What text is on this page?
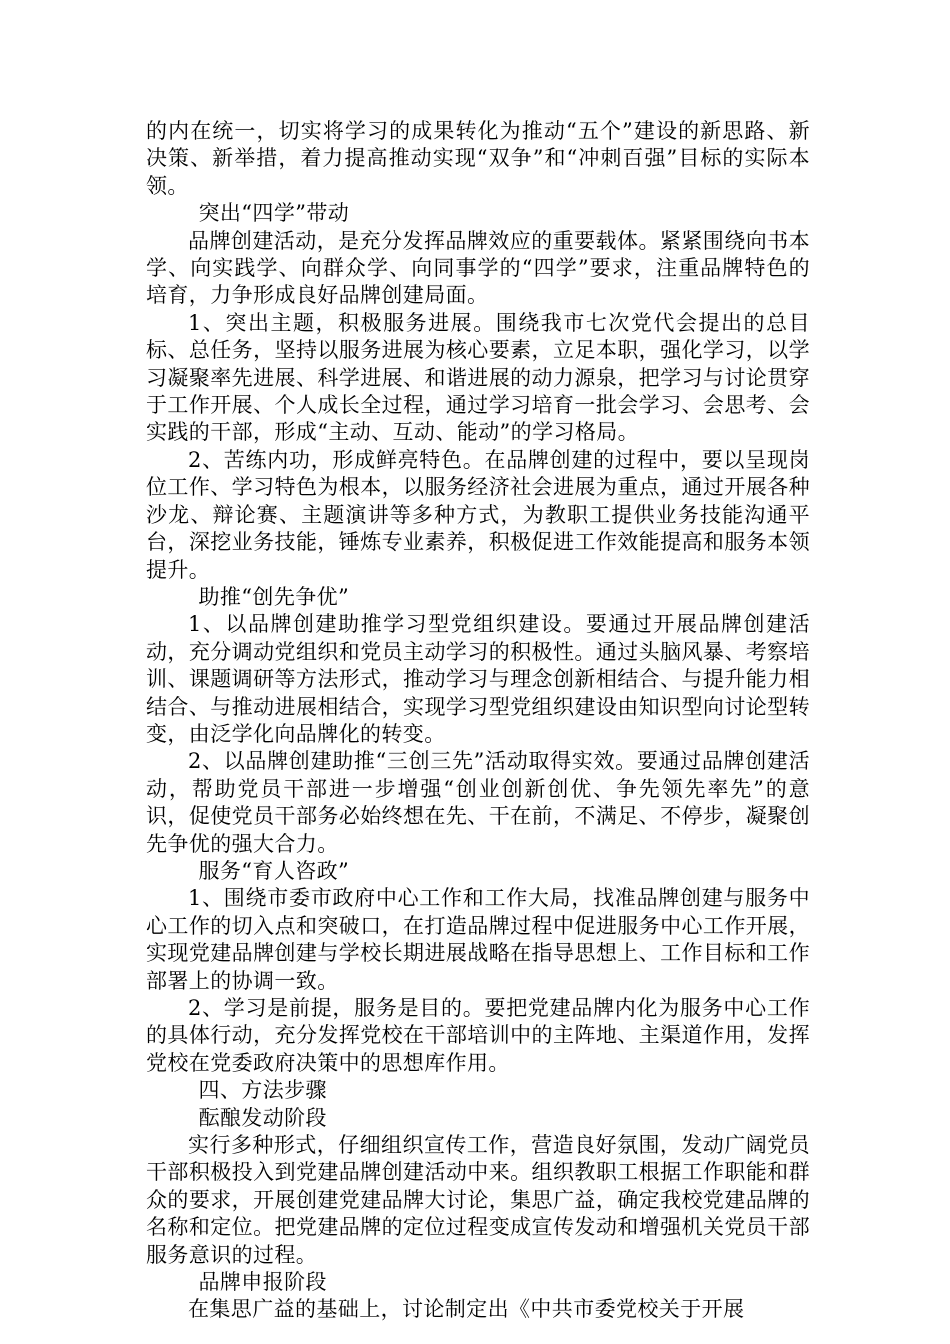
的内在统一，切实将学习的成果转化为推动“五个”建设的新思路、新决策、新举措，着力提高推动实现“双争”和“冲刺百强”目标的实际本领。
突出“四学”带动
品牌创建活动，是充分发挥品牌效应的重要载体。紧紧围绕向书本学、向实践学、向群众学、向同事学的“四学”要求，注重品牌特色的培育，力争形成良好品牌创建局面。
1、突出主题，积极服务进展。围绕我市七次党代会提出的总目标、总任务，坚持以服务进展为核心要素，立足本职，强化学习，以学习凝聚率先进展、科学进展、和谐进展的动力源泉，把学习与讨论贯穿于工作开展、个人成长全过程，通过学习培育一批会学习、会思考、会实践的干部，形成“主动、互动、能动”的学习格局。
2、苦练内功，形成鲜亮特色。在品牌创建的过程中，要以呈现岗位工作、学习特色为根本，以服务经济社会进展为重点，通过开展各种沙龙、辩论赛、主题演讲等多种方式，为教职工提供业务技能沟通平台，深挖业务技能，锤炼专业素养，积极促进工作效能提高和服务本领提升。
助推“创先争优”
1、以品牌创建助推学习型党组织建设。要通过开展品牌创建活动，充分调动党组织和党员主动学习的积极性。通过头脑风暴、考察培训、课题调研等方法形式，推动学习与理念创新相结合、与提升能力相结合、与推动进展相结合，实现学习型党组织建设由知识型向讨论型转变，由泛学化向品牌化的转变。
2、以品牌创建助推“三创三先”活动取得实效。要通过品牌创建活动，帮助党员干部进一步增强“创业创新创优、争先领先率先”的意识，促使党员干部务必始终想在先、干在前，不满足、不停步，凝聚创先争优的强大合力。
服务“育人咨政”
1、围绕市委市政府中心工作和工作大局，找准品牌创建与服务中心工作的切入点和突破口，在打造品牌过程中促进服务中心工作开展，实现党建品牌创建与学校长期进展战略在指导思想上、工作目标和工作部署上的协调一致。
2、学习是前提，服务是目的。要把党建品牌内化为服务中心工作的具体行动，充分发挥党校在干部培训中的主阵地、主渠道作用，发挥党校在党委政府决策中的思想库作用。
四、方法步骤
酝酿发动阶段
实行多种形式，仔细组织宣传工作，营造良好氛围，发动广阔党员干部积极投入到党建品牌创建活动中来。组织教职工根据工作职能和群众的要求，开展创建党建品牌大讨论，集思广益，确定我校党建品牌的名称和定位。把党建品牌的定位过程变成宣传发动和增强机关党员干部服务意识的过程。
品牌申报阶段
在集思广益的基础上，讨论制定出《中共市委党校关于开展
